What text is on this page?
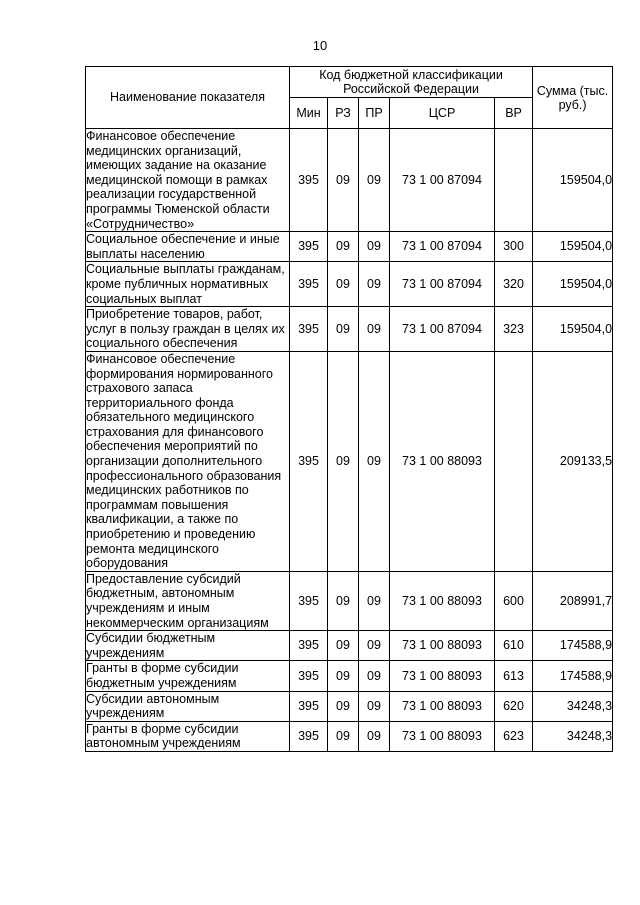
10
Наименование показателя	Код бюджетной классификации Российской Федерации					Сумма (тыс. руб.)
	Мин	РЗ	ПР	ЦСР	ВР	
Финансовое обеспечение медицинских организаций, имеющих задание на оказание медицинской помощи в рамках реализации государственной программы Тюменской области «Сотрудничество»	395	09	09	73 1 00 87094		159504,0
Социальное обеспечение и иные выплаты населению	395	09	09	73 1 00 87094	300	159504,0
Социальные выплаты гражданам, кроме публичных нормативных социальных выплат	395	09	09	73 1 00 87094	320	159504,0
Приобретение товаров, работ, услуг в пользу граждан в целях их социального обеспечения	395	09	09	73 1 00 87094	323	159504,0
Финансовое обеспечение формирования нормированного страхового запаса территориального фонда обязательного медицинского страхования для финансового обеспечения мероприятий по организации дополнительного профессионального образования медицинских работников по программам повышения квалификации, а также по приобретению и проведению ремонта медицинского оборудования	395	09	09	73 1 00 88093		209133,5
Предоставление субсидий бюджетным, автономным учреждениям и иным некоммерческим организациям	395	09	09	73 1 00 88093	600	208991,7
Субсидии бюджетным учреждениям	395	09	09	73 1 00 88093	610	174588,9
Гранты в форме субсидии бюджетным учреждениям	395	09	09	73 1 00 88093	613	174588,9
Субсидии автономным учреждениям	395	09	09	73 1 00 88093	620	34248,3
Гранты в форме субсидии автономным учреждениям	395	09	09	73 1 00 88093	623	34248,3
